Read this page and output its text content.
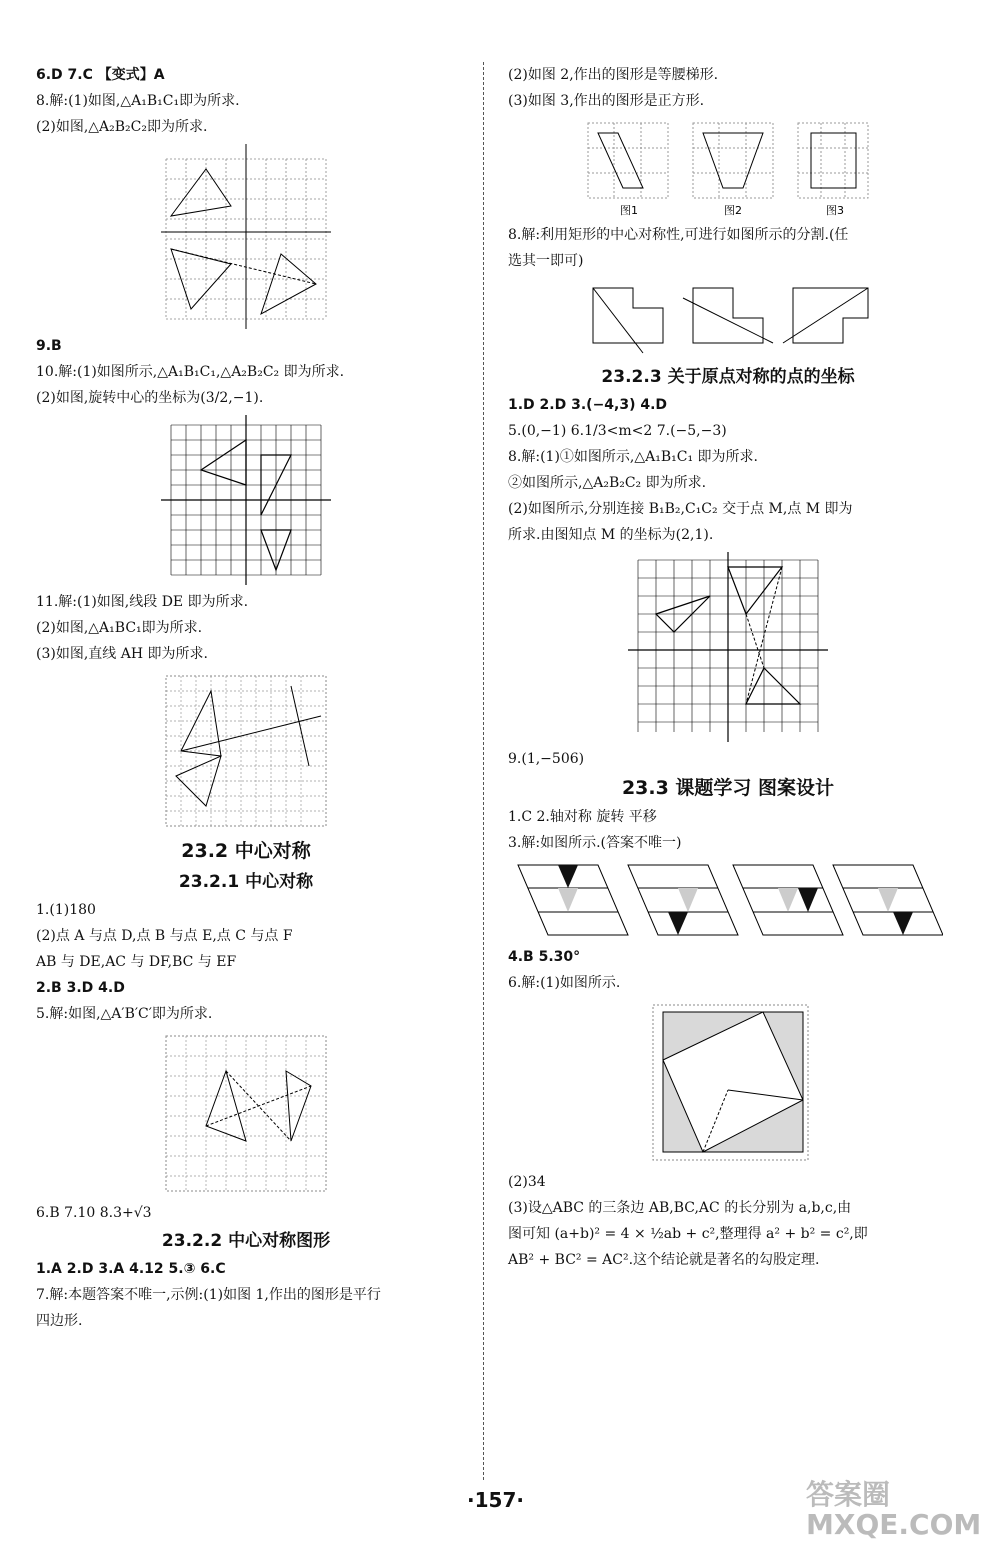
6.D 7.C 【变式】A
8.解:(1)如图,△A₁B₁C₁即为所求.
(2)如图,△A₂B₂C₂即为所求.
9.B
10.解:(1)如图所示,△A₁B₁C₁,△A₂B₂C₂ 即为所求.
(2)如图,旋转中心的坐标为(3/2,−1).
11.解:(1)如图,线段 DE 即为所求.
(2)如图,△A₁BC₁即为所求.
(3)如图,直线 AH 即为所求.
23.2 中心对称
23.2.1 中心对称
1.(1)180
(2)点 A 与点 D,点 B 与点 E,点 C 与点 F
AB 与 DE,AC 与 DF,BC 与 EF
2.B 3.D 4.D
5.解:如图,△A′B′C′即为所求.
6.B 7.10 8.3+√3
23.2.2 中心对称图形
1.A 2.D 3.A 4.12 5.③ 6.C
7.解:本题答案不唯一,示例:(1)如图 1,作出的图形是平行
四边形.
(2)如图 2,作出的图形是等腰梯形.
(3)如图 3,作出的图形是正方形.
图1	图2	图3
8.解:利用矩形的中心对称性,可进行如图所示的分割.(任
选其一即可)
23.2.3 关于原点对称的点的坐标
1.D 2.D 3.(−4,3) 4.D
5.(0,−1) 6.1/3<m<2 7.(−5,−3)
8.解:(1)①如图所示,△A₁B₁C₁ 即为所求.
②如图所示,△A₂B₂C₂ 即为所求.
(2)如图所示,分别连接 B₁B₂,C₁C₂ 交于点 M,点 M 即为
所求.由图知点 M 的坐标为(2,1).
9.(1,−506)
23.3 课题学习 图案设计
1.C 2.轴对称 旋转 平移
3.解:如图所示.(答案不唯一)
4.B 5.30°
6.解:(1)如图所示.
(2)34
(3)设△ABC 的三条边 AB,BC,AC 的长分别为 a,b,c,由
图可知 (a+b)² = 4 × ½ab + c²,整理得 a² + b² = c²,即
AB² + BC² = AC².这个结论就是著名的勾股定理.
·157·	答案圈 MXQE.COM
